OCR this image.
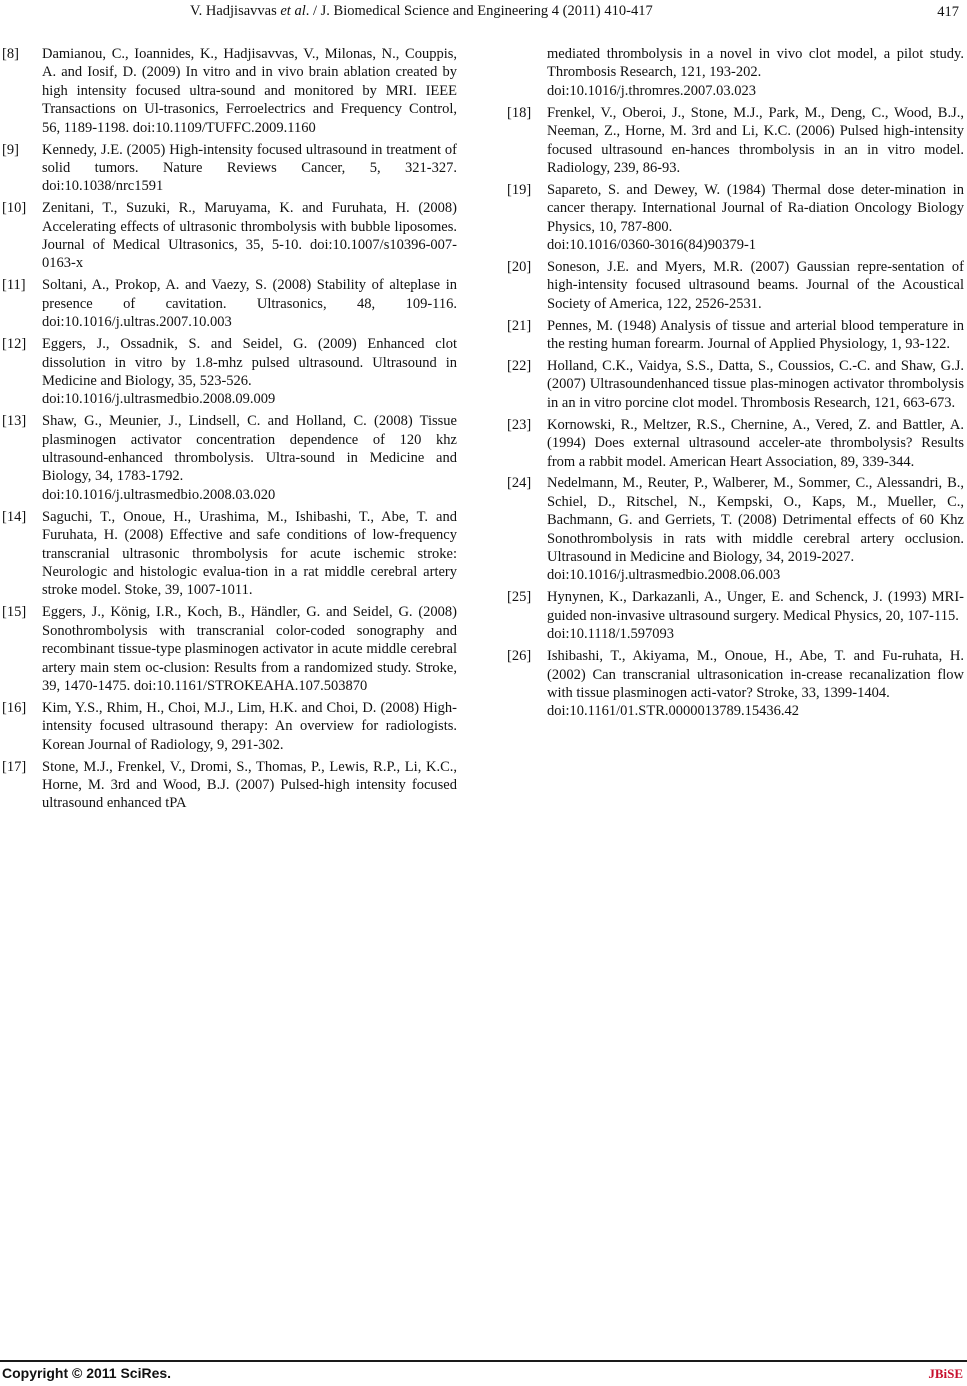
V. Hadjisavvas et al. / J. Biomedical Science and Engineering 4 (2011) 410-417	417
[8]	Damianou, C., Ioannides, K., Hadjisavvas, V., Milonas, N., Couppis, A. and Iosif, D. (2009) In vitro and in vivo brain ablation created by high intensity focused ultra-sound and monitored by MRI. IEEE Transactions on Ul-trasonics, Ferroelectrics and Frequency Control, 56, 1189-1198. doi:10.1109/TUFFC.2009.1160
[9]	Kennedy, J.E. (2005) High-intensity focused ultrasound in treatment of solid tumors. Nature Reviews Cancer, 5, 321-327. doi:10.1038/nrc1591
[10]	Zenitani, T., Suzuki, R., Maruyama, K. and Furuhata, H. (2008) Accelerating effects of ultrasonic thrombolysis with bubble liposomes. Journal of Medical Ultrasonics, 35, 5-10. doi:10.1007/s10396-007-0163-x
[11]	Soltani, A., Prokop, A. and Vaezy, S. (2008) Stability of alteplase in presence of cavitation. Ultrasonics, 48, 109-116. doi:10.1016/j.ultras.2007.10.003
[12]	Eggers, J., Ossadnik, S. and Seidel, G. (2009) Enhanced clot dissolution in vitro by 1.8-mhz pulsed ultrasound. Ultrasound in Medicine and Biology, 35, 523-526.
doi:10.1016/j.ultrasmedbio.2008.09.009
[13]	Shaw, G., Meunier, J., Lindsell, C. and Holland, C. (2008) Tissue plasminogen activator concentration dependence of 120 khz ultrasound-enhanced thrombolysis. Ultra-sound in Medicine and Biology, 34, 1783-1792.
doi:10.1016/j.ultrasmedbio.2008.03.020
[14]	Saguchi, T., Onoue, H., Urashima, M., Ishibashi, T., Abe, T. and Furuhata, H. (2008) Effective and safe conditions of low-frequency transcranial ultrasonic thrombolysis for acute ischemic stroke: Neurologic and histologic evalua-tion in a rat middle cerebral artery stroke model. Stoke, 39, 1007-1011.
[15]	Eggers, J., König, I.R., Koch, B., Händler, G. and Seidel, G. (2008) Sonothrombolysis with transcranial color-coded sonography and recombinant tissue-type plasminogen activator in acute middle cerebral artery main stem oc-clusion: Results from a randomized study. Stroke, 39, 1470-1475. doi:10.1161/STROKEAHA.107.503870
[16]	Kim, Y.S., Rhim, H., Choi, M.J., Lim, H.K. and Choi, D. (2008) High-intensity focused ultrasound therapy: An overview for radiologists. Korean Journal of Radiology, 9, 291-302.
[17]	Stone, M.J., Frenkel, V., Dromi, S., Thomas, P., Lewis, R.P., Li, K.C., Horne, M. 3rd and Wood, B.J. (2007) Pulsed-high intensity focused ultrasound enhanced tPA
mediated thrombolysis in a novel in vivo clot model, a pilot study. Thrombosis Research, 121, 193-202.
doi:10.1016/j.thromres.2007.03.023
[18]	Frenkel, V., Oberoi, J., Stone, M.J., Park, M., Deng, C., Wood, B.J., Neeman, Z., Horne, M. 3rd and Li, K.C. (2006) Pulsed high-intensity focused ultrasound en-hances thrombolysis in an in vitro model. Radiology, 239, 86-93.
[19]	Sapareto, S. and Dewey, W. (1984) Thermal dose deter-mination in cancer therapy. International Journal of Ra-diation Oncology Biology Physics, 10, 787-800.
doi:10.1016/0360-3016(84)90379-1
[20]	Soneson, J.E. and Myers, M.R. (2007) Gaussian repre-sentation of high-intensity focused ultrasound beams. Journal of the Acoustical Society of America, 122, 2526-2531.
[21]	Pennes, M. (1948) Analysis of tissue and arterial blood temperature in the resting human forearm. Journal of Applied Physiology, 1, 93-122.
[22]	Holland, C.K., Vaidya, S.S., Datta, S., Coussios, C.-C. and Shaw, G.J. (2007) Ultrasoundenhanced tissue plas-minogen activator thrombolysis in an in vitro porcine clot model. Thrombosis Research, 121, 663-673.
[23]	Kornowski, R., Meltzer, R.S., Chernine, A., Vered, Z. and Battler, A. (1994) Does external ultrasound acceler-ate thrombolysis? Results from a rabbit model. American Heart Association, 89, 339-344.
[24]	Nedelmann, M., Reuter, P., Walberer, M., Sommer, C., Alessandri, B., Schiel, D., Ritschel, N., Kempski, O., Kaps, M., Mueller, C., Bachmann, G. and Gerriets, T. (2008) Detrimental effects of 60 Khz Sonothrombolysis in rats with middle cerebral artery occlusion. Ultrasound in Medicine and Biology, 34, 2019-2027.
doi:10.1016/j.ultrasmedbio.2008.06.003
[25]	Hynynen, K., Darkazanli, A., Unger, E. and Schenck, J. (1993) MRI-guided non-invasive ultrasound surgery. Medical Physics, 20, 107-115.
doi:10.1118/1.597093
[26]	Ishibashi, T., Akiyama, M., Onoue, H., Abe, T. and Fu-ruhata, H. (2002) Can transcranial ultrasonication in-crease recanalization flow with tissue plasminogen acti-vator? Stroke, 33, 1399-1404.
doi:10.1161/01.STR.0000013789.15436.42
Copyright © 2011 SciRes.	JBiSE
